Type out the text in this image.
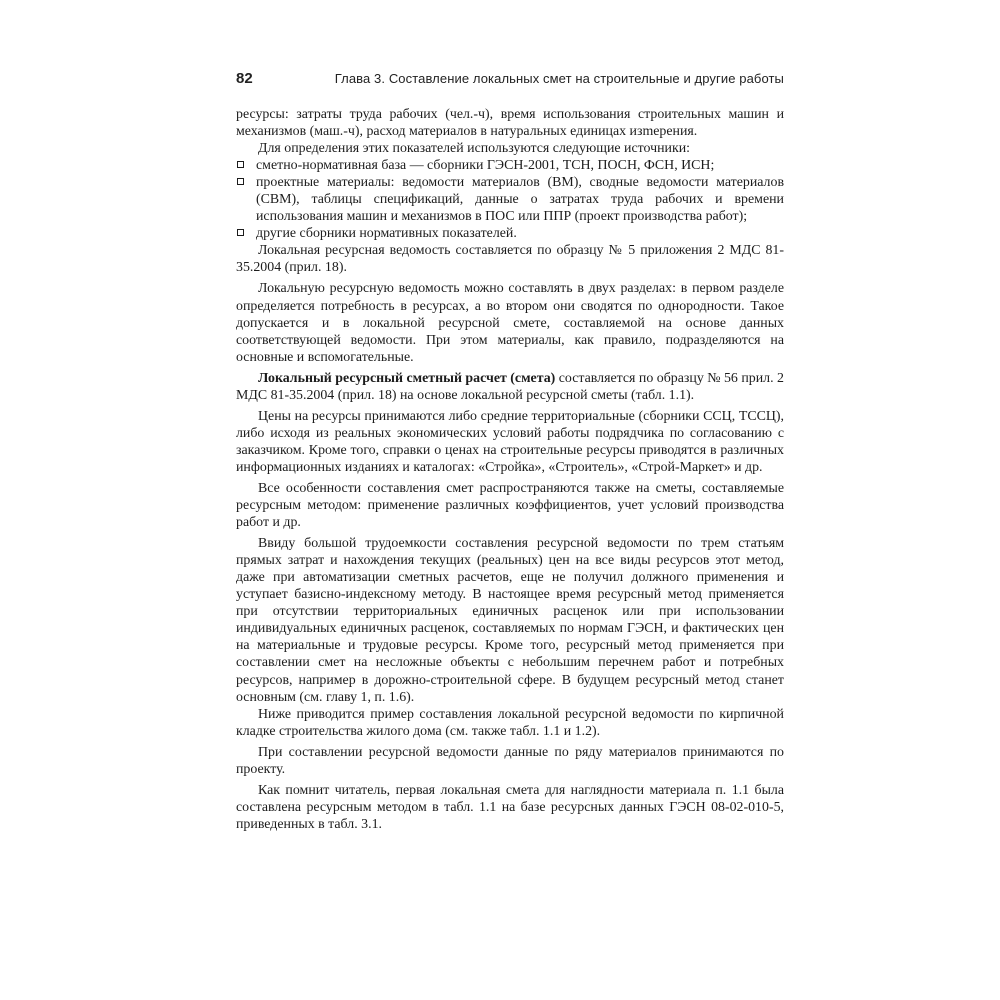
82	Глава 3. Составление локальных смет на строительные и другие работы

ресурсы: затраты труда рабочих (чел.-ч), время использования строительных машин и механизмов (маш.-ч), расход материалов в натуральных единицах изmерения.

Для определения этих показателей используются следующие источники:

сметно-нормативная база — сборники ГЭСН-2001, ТСН, ПОСН, ФСН, ИСН;
проектные материалы: ведомости материалов (ВМ), сводные ведомости материалов (СВМ), таблицы спецификаций, данные о затратах труда рабочих и времени использования машин и механизмов в ПОС или ППР (проект производства работ);
другие сборники нормативных показателей.

Локальная ресурсная ведомость составляется по образцу № 5 приложения 2 МДС 81-35.2004 (прил. 18).

Локальную ресурсную ведомость можно составлять в двух разделах: в первом разделе определяется потребность в ресурсах, а во втором они сводятся по однородности. Такое допускается и в локальной ресурсной смете, составляемой на основе данных соответствующей ведомости. При этом материалы, как правило, подразделяются на основные и вспомогательные.

Локальный ресурсный сметный расчет (смета) составляется по образцу № 56 прил. 2 МДС 81-35.2004 (прил. 18) на основе локальной ресурсной сметы (табл. 1.1).

Цены на ресурсы принимаются либо средние территориальные (сборники ССЦ, ТССЦ), либо исходя из реальных экономических условий работы подрядчика по согласованию с заказчиком. Кроме того, справки о ценах на строительные ресурсы приводятся в различных информационных изданиях и каталогах: «Стройка», «Строитель», «Строй-Маркет» и др.

Все особенности составления смет распространяются также на сметы, составляемые ресурсным методом: применение различных коэффициентов, учет условий производства работ и др.

Ввиду большой трудоемкости составления ресурсной ведомости по трем статьям прямых затрат и нахождения текущих (реальных) цен на все виды ресурсов этот метод, даже при автоматизации сметных расчетов, еще не получил должного применения и уступает базисно-индексному методу. В настоящее время ресурсный метод применяется при отсутствии территориальных единичных расценок или при использовании индивидуальных единичных расценок, составляемых по нормам ГЭСН, и фактических цен на материальные и трудовые ресурсы. Кроме того, ресурсный метод применяется при составлении смет на несложные объекты с небольшим перечнем работ и потребных ресурсов, например в дорожно-строительной сфере. В будущем ресурсный метод станет основным (см. главу 1, п. 1.6).

Ниже приводится пример составления локальной ресурсной ведомости по кирпичной кладке строительства жилого дома (см. также табл. 1.1 и 1.2).

При составлении ресурсной ведомости данные по ряду материалов принимаются по проекту.

Как помнит читатель, первая локальная смета для наглядности материала п. 1.1 была составлена ресурсным методом в табл. 1.1 на базе ресурсных данных ГЭСН 08-02-010-5, приведенных в табл. 3.1.
